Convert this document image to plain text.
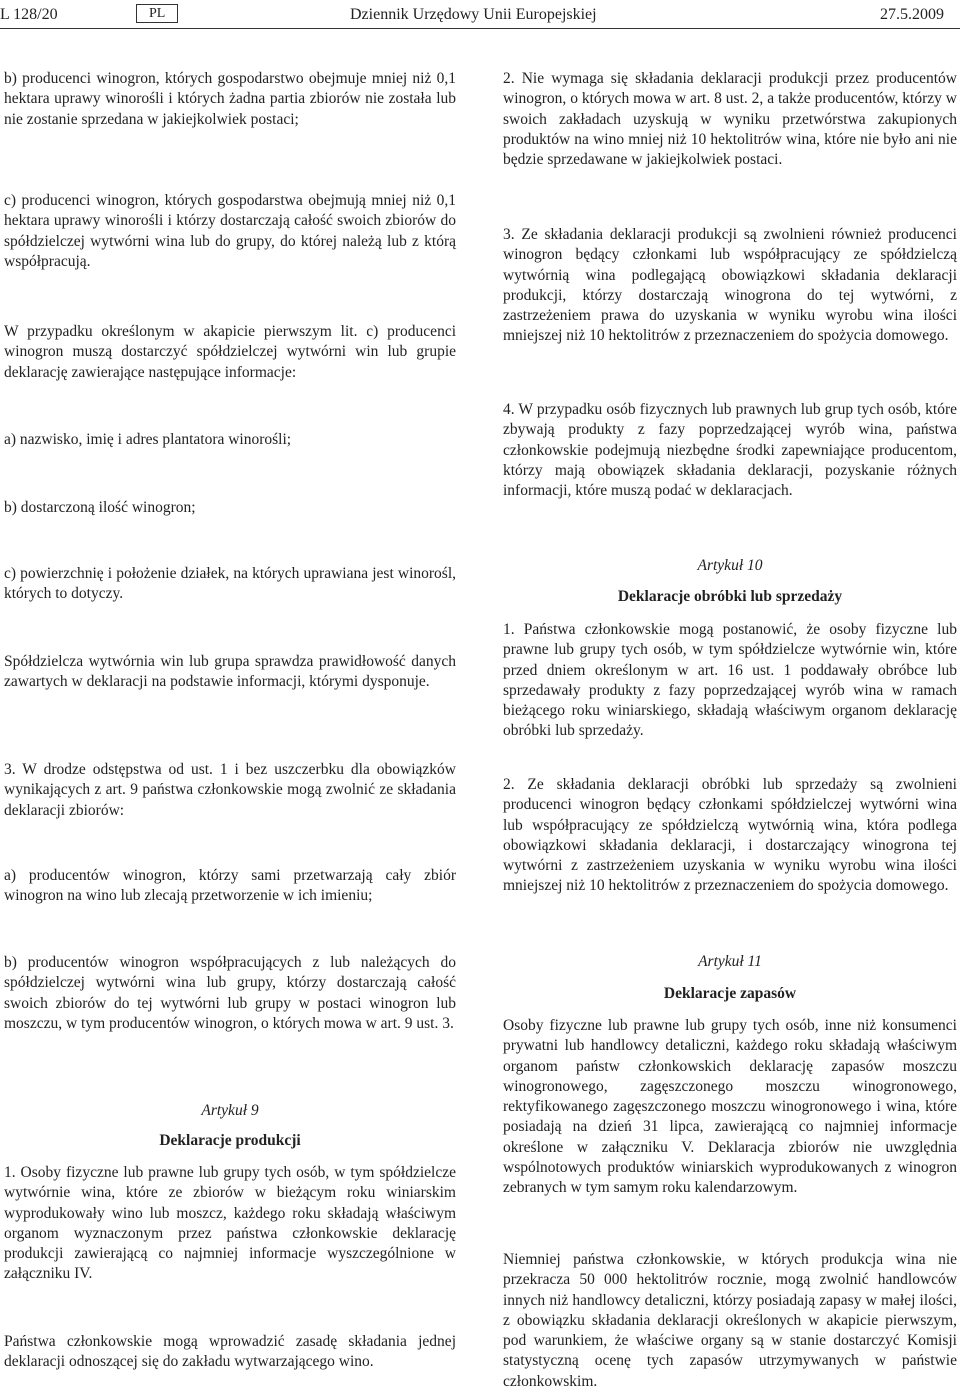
L 128/20	PL	Dziennik Urzędowy Unii Europejskiej	27.5.2009

b) producenci winogron, których gospodarstwo obejmuje mniej niż 0,1 hektara uprawy winorośli i których żadna partia zbiorów nie została lub nie zostanie sprzedana w jakiejkolwiek postaci;

c) producenci winogron, których gospodarstwa obejmują mniej niż 0,1 hektara uprawy winorośli i którzy dostarczają całość swoich zbiorów do spółdzielczej wytwórni wina lub do grupy, do której należą lub z którą współpracują.

W przypadku określonym w akapicie pierwszym lit. c) producenci winogron muszą dostarczyć spółdzielczej wytwórni win lub grupie deklarację zawierające następujące informacje:

a) nazwisko, imię i adres plantatora winorośli;

b) dostarczoną ilość winogron;

c) powierzchnię i położenie działek, na których uprawiana jest winorośl, których to dotyczy.

Spółdzielcza wytwórnia win lub grupa sprawdza prawidłowość danych zawartych w deklaracji na podstawie informacji, którymi dysponuje.

3. W drodze odstępstwa od ust. 1 i bez uszczerbku dla obowiązków wynikających z art. 9 państwa członkowskie mogą zwolnić ze składania deklaracji zbiorów:

a) producentów winogron, którzy sami przetwarzają cały zbiór winogron na wino lub zlecają przetworzenie w ich imieniu;

b) producentów winogron współpracujących z lub należących do spółdzielczej wytwórni wina lub grupy, którzy dostarczają całość swoich zbiorów do tej wytwórni lub grupy w postaci winogron lub moszczu, w tym producentów winogron, o których mowa w art. 9 ust. 3.

Artykuł 9

Deklaracje produkcji

1. Osoby fizyczne lub prawne lub grupy tych osób, w tym spółdzielcze wytwórnie wina, które ze zbiorów w bieżącym roku winiarskim wyprodukowały wino lub moszcz, każdego roku składają właściwym organom wyznaczonym przez państwa członkowskie deklarację produkcji zawierającą co najmniej informacje wyszczególnione w załączniku IV.

Państwa członkowskie mogą wprowadzić zasadę składania jednej deklaracji odnoszącej się do zakładu wytwarzającego wino.

2. Nie wymaga się składania deklaracji produkcji przez producentów winogron, o których mowa w art. 8 ust. 2, a także producentów, którzy w swoich zakładach uzyskują w wyniku przetwórstwa zakupionych produktów na wino mniej niż 10 hektolitrów wina, które nie było ani nie będzie sprzedawane w jakiejkolwiek postaci.

3. Ze składania deklaracji produkcji są zwolnieni również producenci winogron będący członkami lub współpracujący ze spółdzielczą wytwórnią wina podlegającą obowiązkowi składania deklaracji produkcji, którzy dostarczają winogrona do tej wytwórni, z zastrzeżeniem prawa do uzyskania w wyniku wyrobu wina ilości mniejszej niż 10 hektolitrów z przeznaczeniem do spożycia domowego.

4. W przypadku osób fizycznych lub prawnych lub grup tych osób, które zbywają produkty z fazy poprzedzającej wyrób wina, państwa członkowskie podejmują niezbędne środki zapewniające producentom, którzy mają obowiązek składania deklaracji, pozyskanie różnych informacji, które muszą podać w deklaracjach.

Artykuł 10

Deklaracje obróbki lub sprzedaży

1. Państwa członkowskie mogą postanowić, że osoby fizyczne lub prawne lub grupy tych osób, w tym spółdzielcze wytwórnie win, które przed dniem określonym w art. 16 ust. 1 poddawały obróbce lub sprzedawały produkty z fazy poprzedzającej wyrób wina w ramach bieżącego roku winiarskiego, składają właściwym organom deklarację obróbki lub sprzedaży.

2. Ze składania deklaracji obróbki lub sprzedaży są zwolnieni producenci winogron będący członkami spółdzielczej wytwórni wina lub współpracujący ze spółdzielczą wytwórnią wina, która podlega obowiązkowi składania deklaracji, i dostarczający winogrona tej wytwórni z zastrzeżeniem uzyskania w wyniku wyrobu wina ilości mniejszej niż 10 hektolitrów z przeznaczeniem do spożycia domowego.

Artykuł 11

Deklaracje zapasów

Osoby fizyczne lub prawne lub grupy tych osób, inne niż konsumenci prywatni lub handlowcy detaliczni, każdego roku składają właściwym organom państw członkowskich deklarację zapasów moszczu winogronowego, zagęszczonego moszczu winogronowego, rektyfikowanego zagęszczonego moszczu winogronowego i wina, które posiadają na dzień 31 lipca, zawierającą co najmniej informacje określone w załączniku V. Deklaracja zbiorów nie uwzględnia wspólnotowych produktów winiarskich wyprodukowanych z winogron zebranych w tym samym roku kalendarzowym.

Niemniej państwa członkowskie, w których produkcja wina nie przekracza 50 000 hektolitrów rocznie, mogą zwolnić handlowców innych niż handlowcy detaliczni, którzy posiadają zapasy w małej ilości, z obowiązku składania deklaracji określonych w akapicie pierwszym, pod warunkiem, że właściwe organy są w stanie dostarczyć Komisji statystyczną ocenę tych zapasów utrzymywanych w państwie członkowskim.
